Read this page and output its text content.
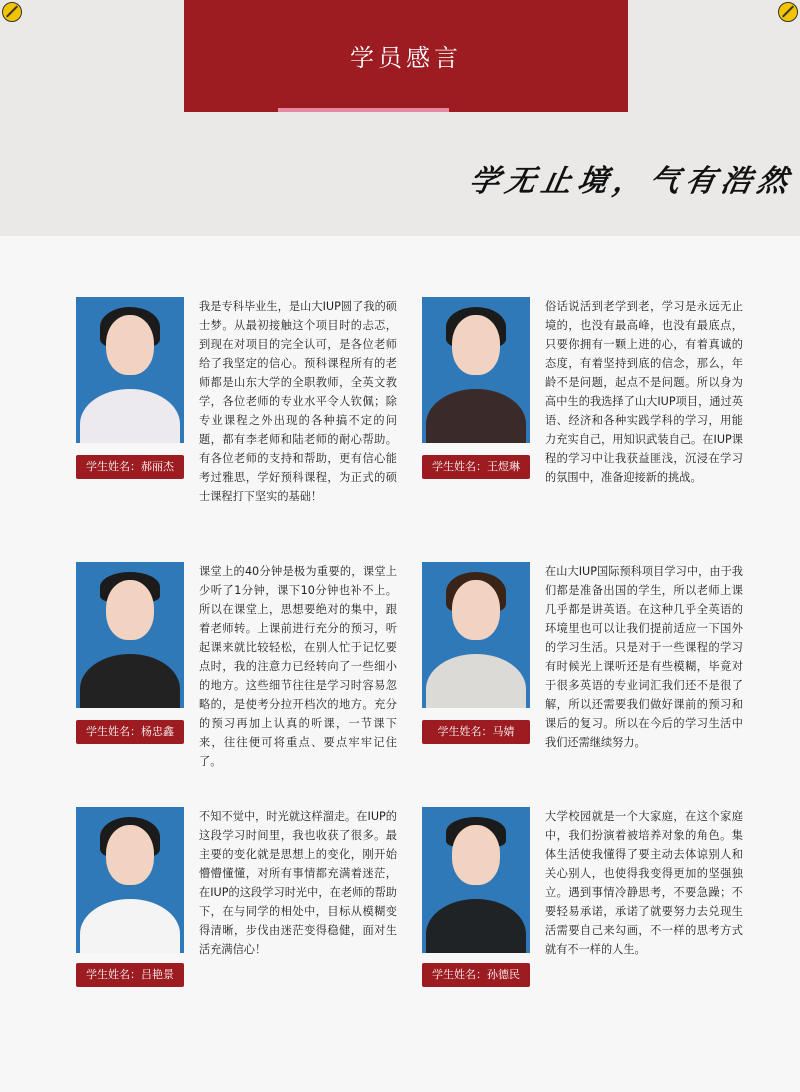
学员感言
学无止境，气有浩然
学生姓名：郝丽杰
我是专科毕业生，是山大IUP圆了我的硕士梦。从最初接触这个项目时的忐忑，到现在对项目的完全认可，是各位老师给了我坚定的信心。预科课程所有的老师都是山东大学的全职教师，全英文教学，各位老师的专业水平令人钦佩；除专业课程之外出现的各种搞不定的问题，都有李老师和陆老师的耐心帮助。有各位老师的支持和帮助，更有信心能考过雅思，学好预科课程，为正式的硕士课程打下坚实的基础！
学生姓名：王煜琳
俗话说活到老学到老，学习是永远无止境的，也没有最高峰，也没有最底点，只要你拥有一颗上进的心，有着真诚的态度，有着坚持到底的信念，那么，年龄不是问题，起点不是问题。所以身为高中生的我选择了山大IUP项目，通过英语、经济和各种实践学科的学习，用能力充实自己，用知识武装自己。在IUP课程的学习中让我获益匪浅，沉浸在学习的氛围中，准备迎接新的挑战。
学生姓名：杨忠鑫
课堂上的40分钟是极为重要的，课堂上少听了1分钟，课下10分钟也补不上。所以在课堂上，思想要绝对的集中，跟着老师转。上课前进行充分的预习，听起课来就比较轻松，在别人忙于记忆要点时，我的注意力已经转向了一些细小的地方。这些细节往往是学习时容易忽略的，是使考分拉开档次的地方。充分的预习再加上认真的听课，一节课下来，往往便可将重点、要点牢牢记住了。
学生姓名：马婧
在山大IUP国际预科项目学习中，由于我们都是准备出国的学生，所以老师上课几乎都是讲英语。在这种几乎全英语的环境里也可以让我们提前适应一下国外的学习生活。只是对于一些课程的学习有时候光上课听还是有些模糊，毕竟对于很多英语的专业词汇我们还不是很了解，所以还需要我们做好课前的预习和课后的复习。所以在今后的学习生活中我们还需继续努力。
学生姓名：吕艳景
不知不觉中，时光就这样溜走。在IUP的这段学习时间里，我也收获了很多。最主要的变化就是思想上的变化，刚开始懵懵懂懂，对所有事情都充满着迷茫，在IUP的这段学习时光中，在老师的帮助下，在与同学的相处中，目标从模糊变得清晰，步伐由迷茫变得稳健，面对生活充满信心！
学生姓名：孙德民
大学校园就是一个大家庭，在这个家庭中，我们扮演着被培养对象的角色。集体生活使我懂得了要主动去体谅别人和关心别人，也使得我变得更加的坚强独立。遇到事情冷静思考，不要急躁；不要轻易承诺，承诺了就要努力去兑现生活需要自己来勾画，不一样的思考方式就有不一样的人生。
